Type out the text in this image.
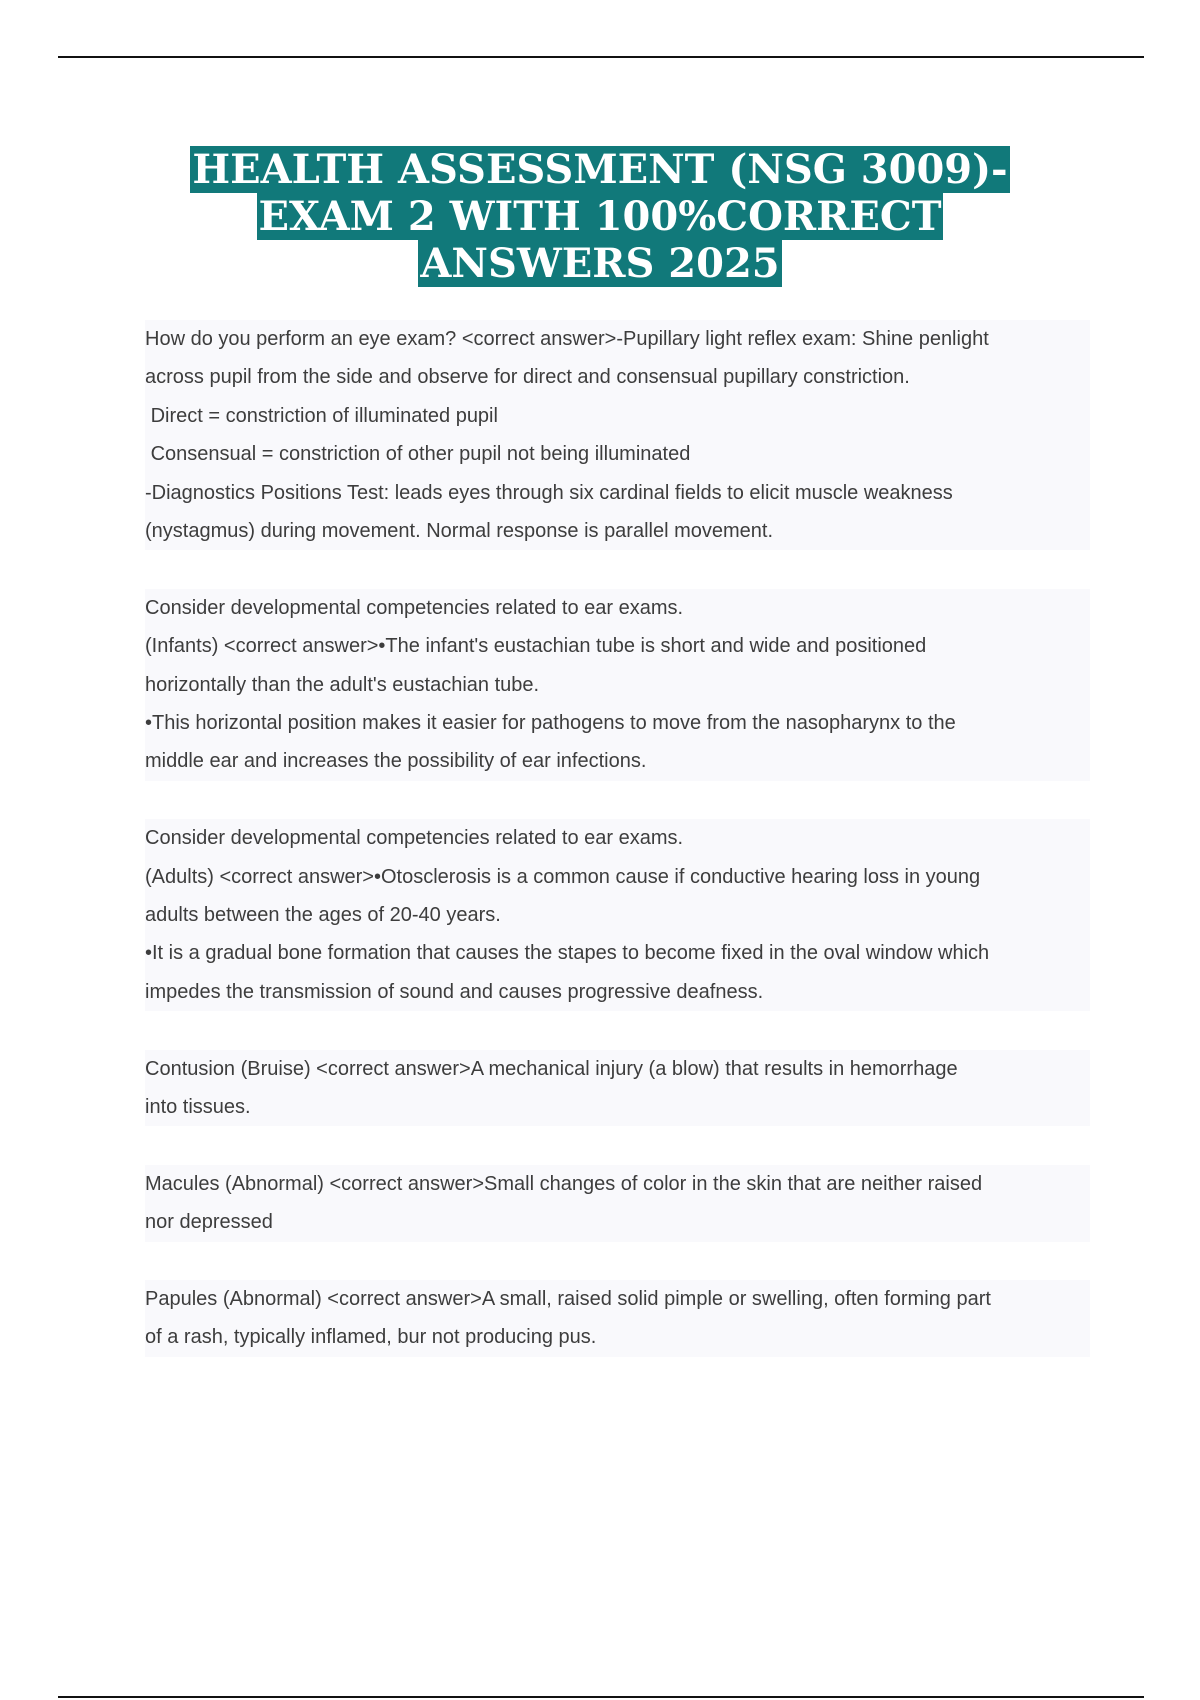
HEALTH ASSESSMENT (NSG 3009)-
EXAM 2 WITH 100%CORRECT
ANSWERS 2025

How do you perform an eye exam? <correct answer>-Pupillary light reflex exam: Shine penlight

across pupil from the side and observe for direct and consensual pupillary constriction.

Direct = constriction of illuminated pupil

Consensual = constriction of other pupil not being illuminated

-Diagnostics Positions Test: leads eyes through six cardinal fields to elicit muscle weakness

(nystagmus) during movement. Normal response is parallel movement.

Consider developmental competencies related to ear exams.

(Infants) <correct answer>•The infant's eustachian tube is short and wide and positioned

horizontally than the adult's eustachian tube.

•This horizontal position makes it easier for pathogens to move from the nasopharynx to the

middle ear and increases the possibility of ear infections.

Consider developmental competencies related to ear exams.

(Adults) <correct answer>•Otosclerosis is a common cause if conductive hearing loss in young

adults between the ages of 20-40 years.

•It is a gradual bone formation that causes the stapes to become fixed in the oval window which

impedes the transmission of sound and causes progressive deafness.

Contusion (Bruise) <correct answer>A mechanical injury (a blow) that results in hemorrhage

into tissues.

Macules (Abnormal) <correct answer>Small changes of color in the skin that are neither raised

nor depressed

Papules (Abnormal) <correct answer>A small, raised solid pimple or swelling, often forming part

of a rash, typically inflamed, bur not producing pus.
